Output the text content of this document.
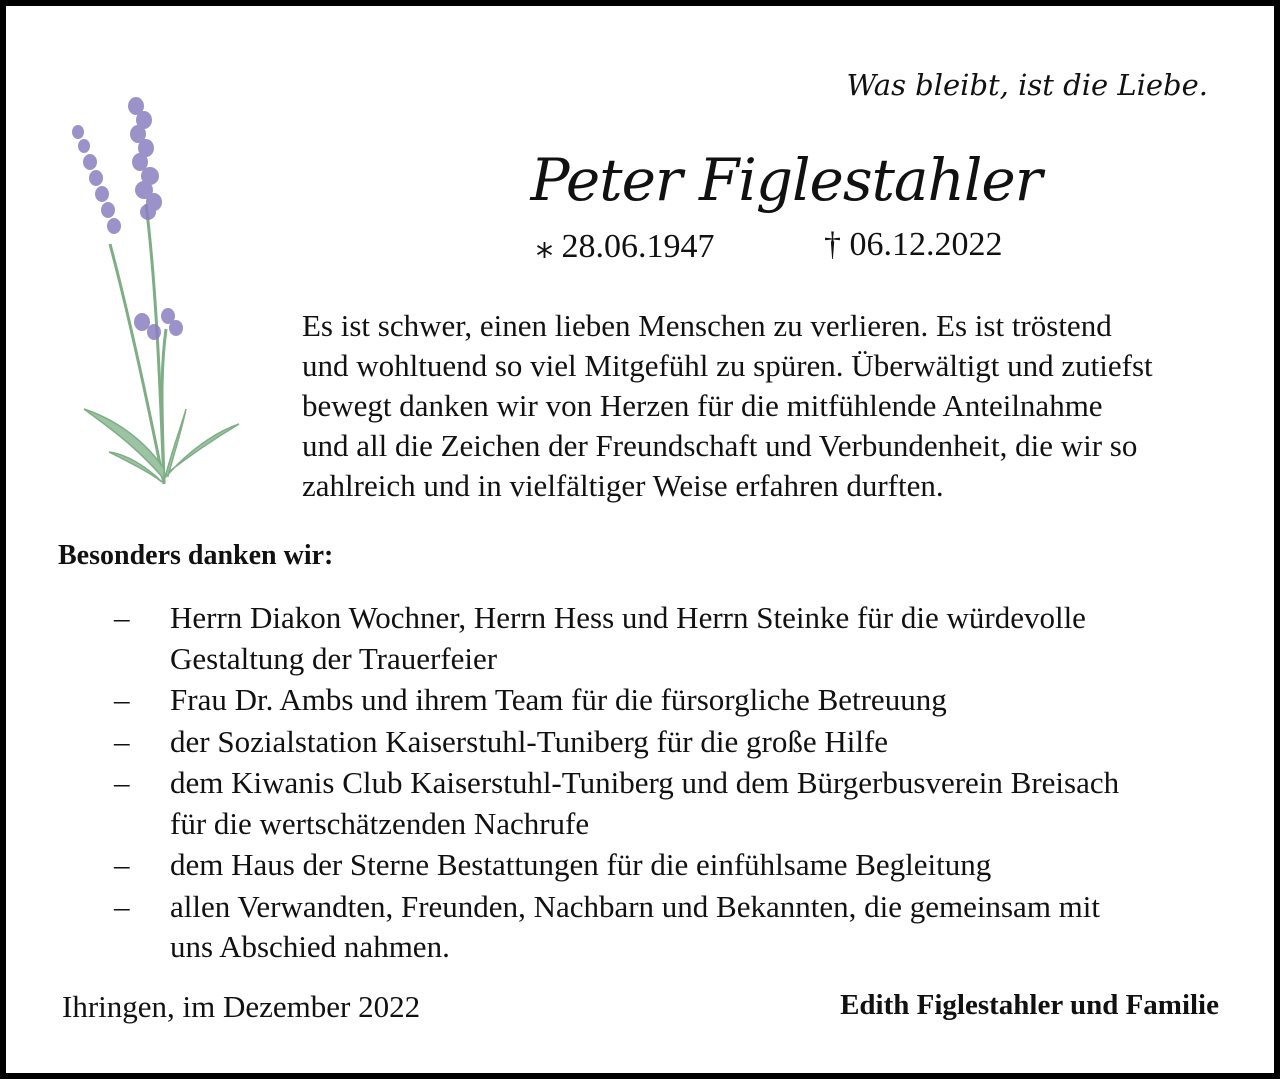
Was bleibt, ist die Liebe.
Peter Figlestahler
⁎ 28.06.1947	† 06.12.2022
Es ist schwer, einen lieben Menschen zu verlieren. Es ist tröstend
und wohltuend so viel Mitgefühl zu spüren. Überwältigt und zutiefst
bewegt danken wir von Herzen für die mitfühlende Anteilnahme
und all die Zeichen der Freundschaft und Verbundenheit, die wir so
zahlreich und in vielfältiger Weise erfahren durften.
Besonders danken wir:
– Herrn Diakon Wochner, Herrn Hess und Herrn Steinke für die würdevolle
Gestaltung der Trauerfeier
– Frau Dr. Ambs und ihrem Team für die fürsorgliche Betreuung
– der Sozialstation Kaiserstuhl-Tuniberg für die große Hilfe
– dem Kiwanis Club Kaiserstuhl-Tuniberg und dem Bürgerbusverein Breisach
für die wertschätzenden Nachrufe
– dem Haus der Sterne Bestattungen für die einfühlsame Begleitung
– allen Verwandten, Freunden, Nachbarn und Bekannten, die gemeinsam mit
uns Abschied nahmen.
Ihringen, im Dezember 2022	Edith Figlestahler und Familie
